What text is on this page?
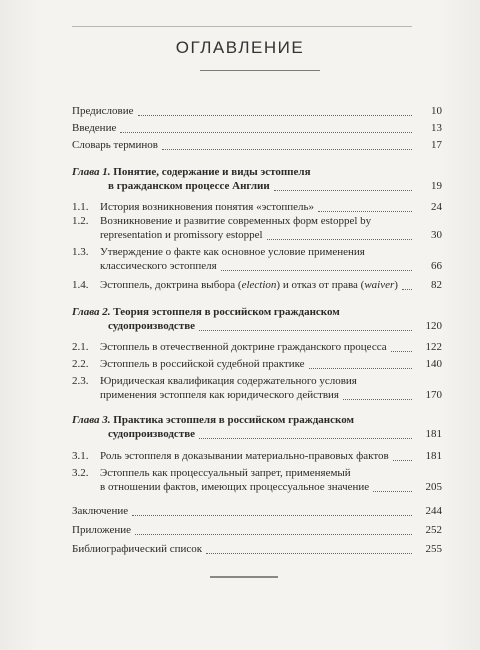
ОГЛАВЛЕНИЕ
Предисловие	10
Введение	13
Словарь терминов	17
Глава 1. Понятие, содержание и виды эстоппеля
в гражданском процессе Англии	19
1.1.	История возникновения понятия «эстоппель»	24
1.2.	Возникновение и развитие современных форм estoppel by
representation и promissory estoppel	30
1.3.	Утверждение о факте как основное условие применения
классического эстоппеля	66
1.4.	Эстоппель, доктрина выбора (election) и отказ от права (waiver)	82
Глава 2. Теория эстоппеля в российском гражданском
судопроизводстве	120
2.1.	Эстоппель в отечественной доктрине гражданского процесса	122
2.2.	Эстоппель в российской судебной практике	140
2.3.	Юридическая квалификация содержательного условия
применения эстоппеля как юридического действия	170
Глава 3. Практика эстоппеля в российском гражданском
судопроизводстве	181
3.1.	Роль эстоппеля в доказывании материально-правовых фактов	181
3.2.	Эстоппель как процессуальный запрет, применяемый
в отношении фактов, имеющих процессуальное значение	205
Заключение	244
Приложение	252
Библиографический список	255
